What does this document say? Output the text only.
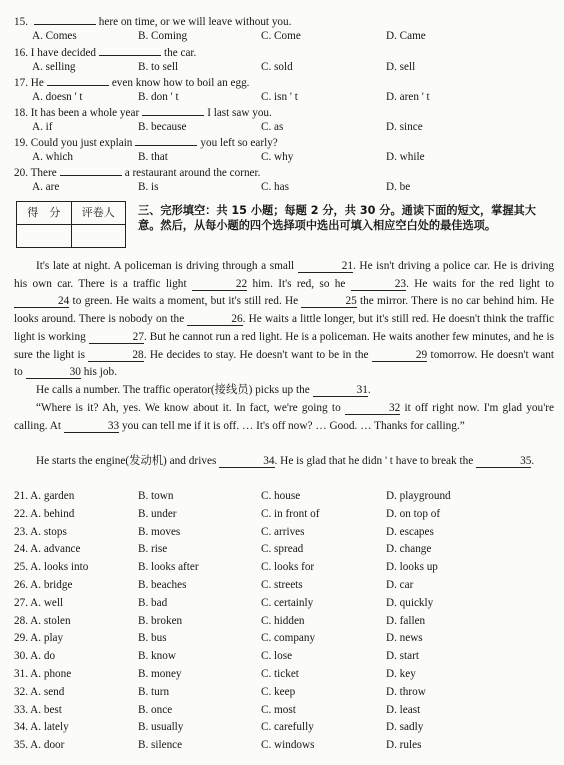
15.	here on time, or we will leave without you.
A. Comes	B. Coming	C. Come	D. Came
16. I have decided	the car.
A. selling	B. to sell	C. sold	D. sell
17. He	even know how to boil an egg.
A. doesn ' t	B. don ' t	C. isn ' t	D. aren ' t
18. It has been a whole year	I last saw you.
A. if	B. because	C. as	D. since
19. Could you just explain	you left so early?
A. which	B. that	C. why	D. while
20. There	a restaurant around the corner.
A. are	B. is	C. has	D. be
得　分	评卷人
	三、完形填空：共 15 小题；每题 2 分，共 30 分。通读下面的短文，掌握其大意。然后，从每小题的四个选择项中选出可填入相应空白处的最佳选项。
It's late at night. A policeman is driving through a small	21. He isn't driving a police car. He is driving his own car. There is a traffic light	22 him. It's red, so he	23. He waits for the red light to 24 to green. He waits a moment, but it's still red. He	25 the mirror. There is no car behind him. He looks around. There is nobody on the	26. He waits a little longer, but it's still red. He doesn't think the traffic light is working	27. But he cannot run a red light. He is a policeman. He waits another few minutes, and he is sure the light is	28. He decides to stay. He doesn't want to be in the	29 tomorrow. He doesn't want to	30 his job.
He calls a number. The traffic operator(接线员) picks up the	31.
“Where is it? Ah, yes. We know about it. In fact, we're going to	32 it off right now. I'm glad you're calling. At	33 you can tell me if it is off. … It's off now? … Good. … Thanks for calling.”
He starts the engine(发动机) and drives	34. He is glad that he didn ' t have to break the	35.
21. A. garden	B. town	C. house	D. playground
22. A. behind	B. under	C. in front of	D. on top of
23. A. stops	B. moves	C. arrives	D. escapes
24. A. advance	B. rise	C. spread	D. change
25. A. looks into	B. looks after	C. looks for	D. looks up
26. A. bridge	B. beaches	C. streets	D. car
27. A. well	B. bad	C. certainly	D. quickly
28. A. stolen	B. broken	C. hidden	D. fallen
29. A. play	B. bus	C. company	D. news
30. A. do	B. know	C. lose	D. start
31. A. phone	B. money	C. ticket	D. key
32. A. send	B. turn	C. keep	D. throw
33. A. best	B. once	C. most	D. least
34. A. lately	B. usually	C. carefully	D. sadly
35. A. door	B. silence	C. windows	D. rules
